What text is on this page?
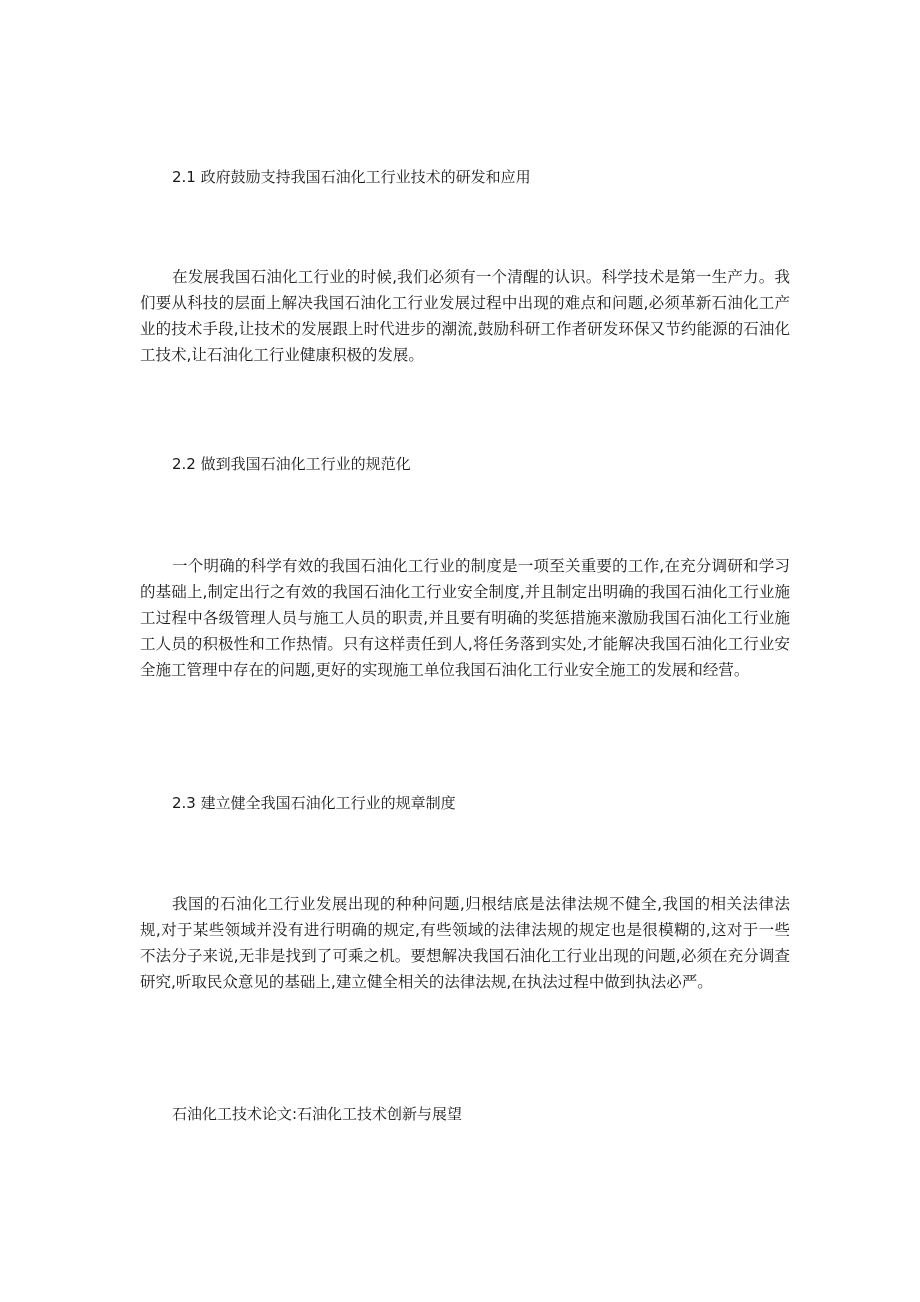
2.1 政府鼓励支持我国石油化工行业技术的研发和应用

在发展我国石油化工行业的时候,我们必须有一个清醒的认识。科学技术是第一生产力。我们要从科技的层面上解决我国石油化工行业发展过程中出现的难点和问题,必须革新石油化工产业的技术手段,让技术的发展跟上时代进步的潮流,鼓励科研工作者研发环保又节约能源的石油化工技术,让石油化工行业健康积极的发展。

2.2 做到我国石油化工行业的规范化

一个明确的科学有效的我国石油化工行业的制度是一项至关重要的工作,在充分调研和学习的基础上,制定出行之有效的我国石油化工行业安全制度,并且制定出明确的我国石油化工行业施工过程中各级管理人员与施工人员的职责,并且要有明确的奖惩措施来激励我国石油化工行业施工人员的积极性和工作热情。只有这样责任到人,将任务落到实处,才能解决我国石油化工行业安全施工管理中存在的问题,更好的实现施工单位我国石油化工行业安全施工的发展和经营。

2.3 建立健全我国石油化工行业的规章制度

我国的石油化工行业发展出现的种种问题,归根结底是法律法规不健全,我国的相关法律法规,对于某些领域并没有进行明确的规定,有些领域的法律法规的规定也是很模糊的,这对于一些不法分子来说,无非是找到了可乘之机。要想解决我国石油化工行业出现的问题,必须在充分调查研究,听取民众意见的基础上,建立健全相关的法律法规,在执法过程中做到执法必严。

石油化工技术论文:石油化工技术创新与展望
